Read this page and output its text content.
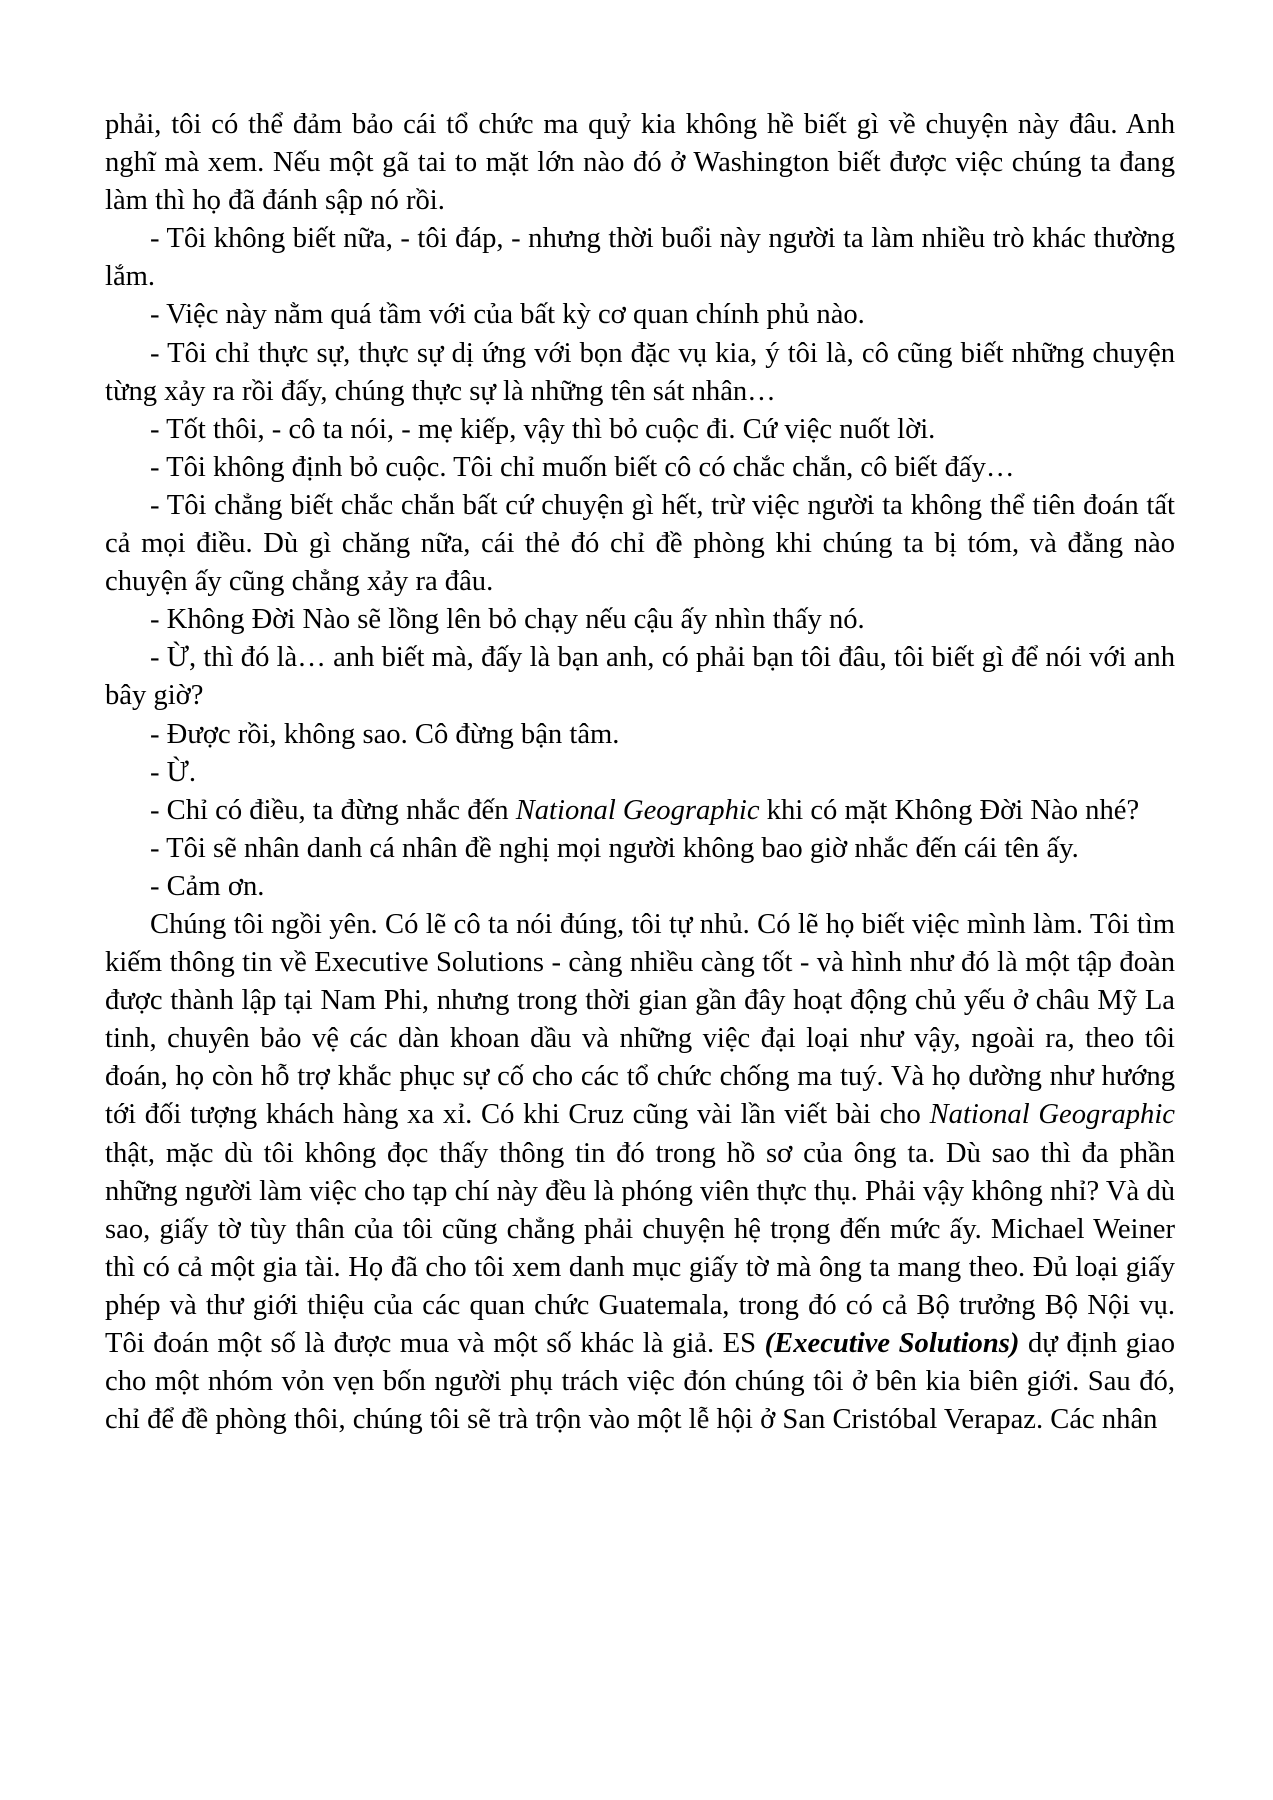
phải, tôi có thể đảm bảo cái tổ chức ma quỷ kia không hề biết gì về chuyện này đâu. Anh nghĩ mà xem. Nếu một gã tai to mặt lớn nào đó ở Washington biết được việc chúng ta đang làm thì họ đã đánh sập nó rồi.

- Tôi không biết nữa, - tôi đáp, - nhưng thời buổi này người ta làm nhiều trò khác thường lắm.

- Việc này nằm quá tầm với của bất kỳ cơ quan chính phủ nào.

- Tôi chỉ thực sự, thực sự dị ứng với bọn đặc vụ kia, ý tôi là, cô cũng biết những chuyện từng xảy ra rồi đấy, chúng thực sự là những tên sát nhân…

- Tốt thôi, - cô ta nói, - mẹ kiếp, vậy thì bỏ cuộc đi. Cứ việc nuốt lời.

- Tôi không định bỏ cuộc. Tôi chỉ muốn biết cô có chắc chắn, cô biết đấy…

- Tôi chẳng biết chắc chắn bất cứ chuyện gì hết, trừ việc người ta không thể tiên đoán tất cả mọi điều. Dù gì chăng nữa, cái thẻ đó chỉ đề phòng khi chúng ta bị tóm, và đằng nào chuyện ấy cũng chẳng xảy ra đâu.

- Không Đời Nào sẽ lồng lên bỏ chạy nếu cậu ấy nhìn thấy nó.

- Ừ, thì đó là… anh biết mà, đấy là bạn anh, có phải bạn tôi đâu, tôi biết gì để nói với anh bây giờ?

- Được rồi, không sao. Cô đừng bận tâm.

- Ừ.

- Chỉ có điều, ta đừng nhắc đến National Geographic khi có mặt Không Đời Nào nhé?

- Tôi sẽ nhân danh cá nhân đề nghị mọi người không bao giờ nhắc đến cái tên ấy.

- Cảm ơn.

Chúng tôi ngồi yên. Có lẽ cô ta nói đúng, tôi tự nhủ. Có lẽ họ biết việc mình làm. Tôi tìm kiếm thông tin về Executive Solutions - càng nhiều càng tốt - và hình như đó là một tập đoàn được thành lập tại Nam Phi, nhưng trong thời gian gần đây hoạt động chủ yếu ở châu Mỹ La tinh, chuyên bảo vệ các dàn khoan dầu và những việc đại loại như vậy, ngoài ra, theo tôi đoán, họ còn hỗ trợ khắc phục sự cố cho các tổ chức chống ma tuý. Và họ dường như hướng tới đối tượng khách hàng xa xỉ. Có khi Cruz cũng vài lần viết bài cho National Geographic thật, mặc dù tôi không đọc thấy thông tin đó trong hồ sơ của ông ta. Dù sao thì đa phần những người làm việc cho tạp chí này đều là phóng viên thực thụ. Phải vậy không nhỉ? Và dù sao, giấy tờ tùy thân của tôi cũng chẳng phải chuyện hệ trọng đến mức ấy. Michael Weiner thì có cả một gia tài. Họ đã cho tôi xem danh mục giấy tờ mà ông ta mang theo. Đủ loại giấy phép và thư giới thiệu của các quan chức Guatemala, trong đó có cả Bộ trưởng Bộ Nội vụ. Tôi đoán một số là được mua và một số khác là giả. ES (Executive Solutions) dự định giao cho một nhóm vỏn vẹn bốn người phụ trách việc đón chúng tôi ở bên kia biên giới. Sau đó, chỉ để đề phòng thôi, chúng tôi sẽ trà trộn vào một lễ hội ở San Cristóbal Verapaz. Các nhân
